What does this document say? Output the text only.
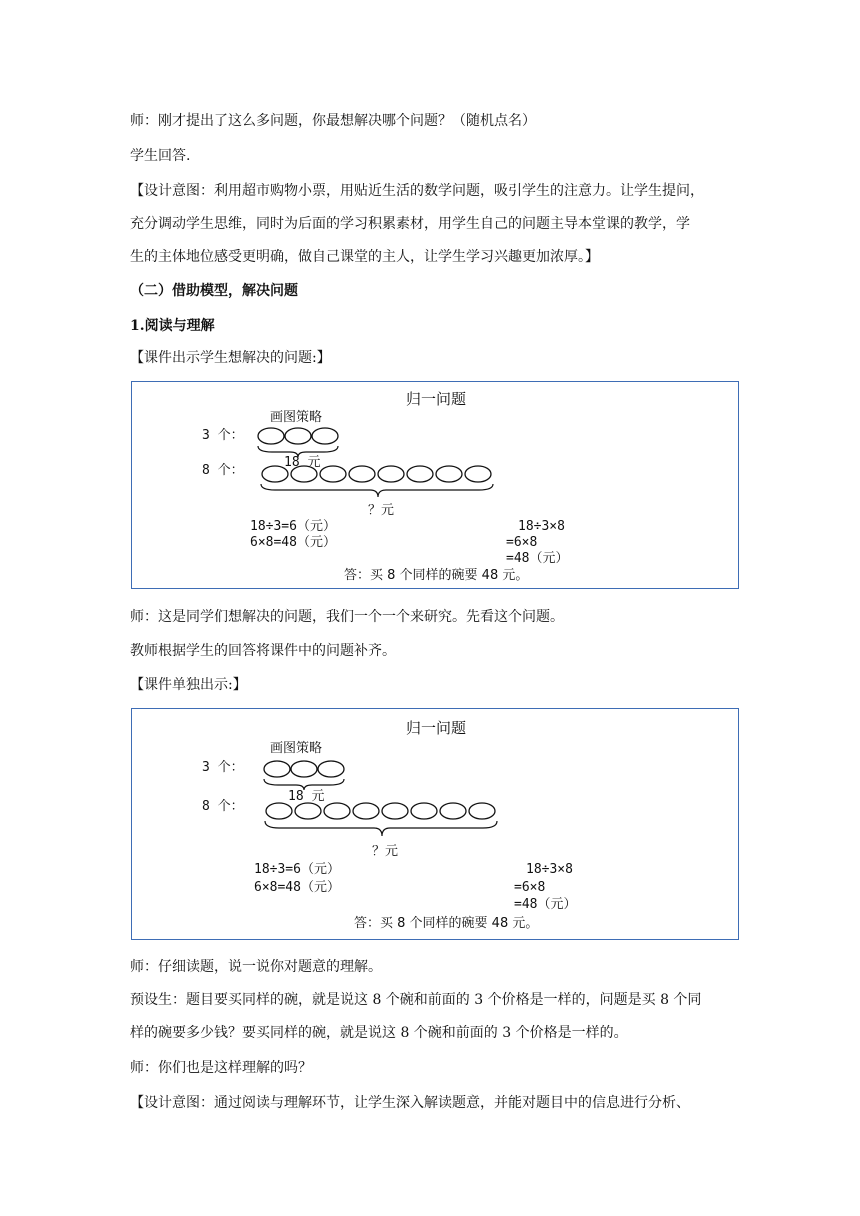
师：刚才提出了这么多问题，你最想解决哪个问题？（随机点名）
学生回答.
【设计意图：利用超市购物小票，用贴近生活的数学问题，吸引学生的注意力。让学生提问，
充分调动学生思维，同时为后面的学习积累素材，用学生自己的问题主导本堂课的教学，学
生的主体地位感受更明确，做自己课堂的主人，让学生学习兴趣更加浓厚。】
（二）借助模型，解决问题
1.阅读与理解
【课件出示学生想解决的问题:】
归一问题
画图策略
3 个：
18 元
8 个：
？元
18÷3=6（元）
6×8=48（元）
18÷3×8
=6×8
=48（元）
答：买 8 个同样的碗要 48 元。
师：这是同学们想解决的问题，我们一个一个来研究。先看这个问题。
教师根据学生的回答将课件中的问题补齐。
【课件单独出示:】
归一问题
画图策略
3 个：
18 元
8 个：
？元
18÷3=6（元）
6×8=48（元）
18÷3×8
=6×8
=48（元）
答：买 8 个同样的碗要 48 元。
师：仔细读题，说一说你对题意的理解。
预设生：题目要买同样的碗，就是说这 8 个碗和前面的 3 个价格是一样的，问题是买 8 个同
样的碗要多少钱？要买同样的碗，就是说这 8 个碗和前面的 3 个价格是一样的。
师：你们也是这样理解的吗？
【设计意图：通过阅读与理解环节，让学生深入解读题意，并能对题目中的信息进行分析、
